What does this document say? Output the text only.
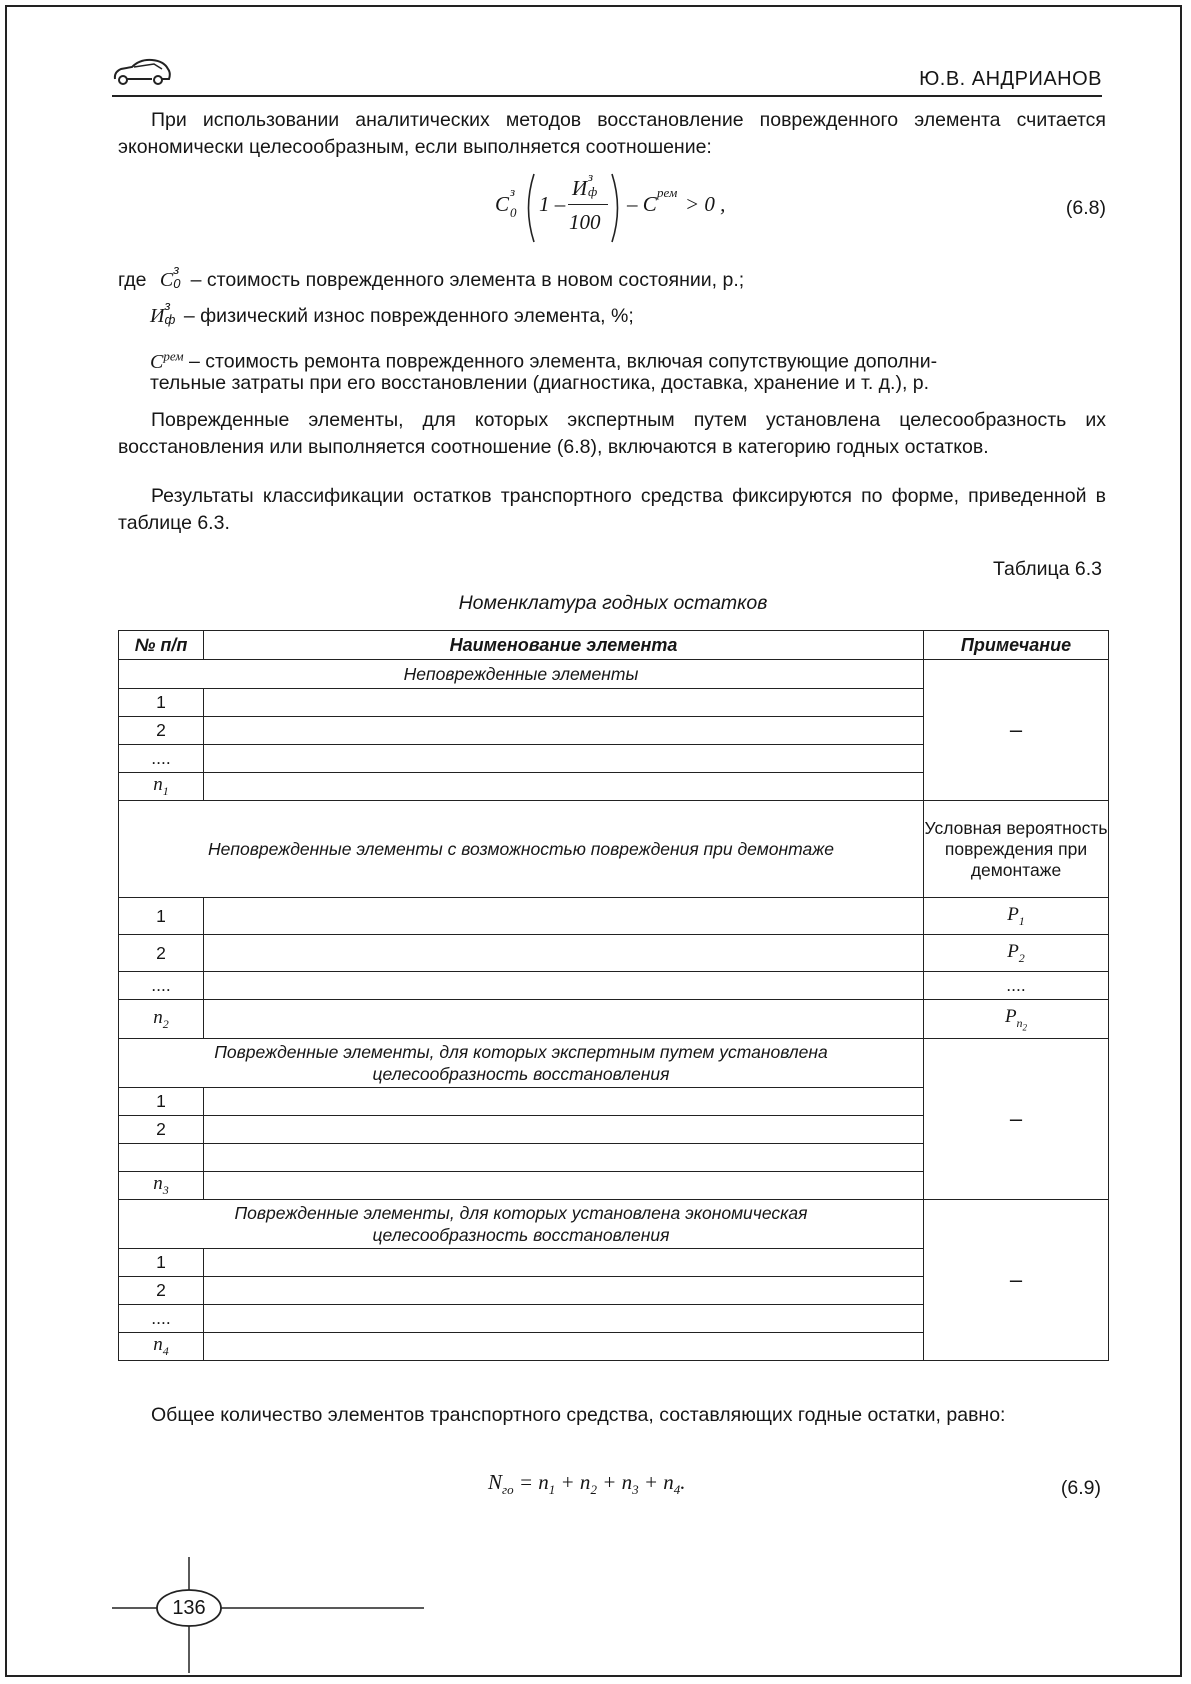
Ю.В. АНДРИАНОВ

При использовании аналитических методов восстановление поврежденного элемента считается экономически целесообразным, если выполняется соотношение:

C
з
0 1 –
И з
ф
100
– C рем > 0 ,	(6.8)
где C з
0 – стоимость поврежденного элемента в новом состоянии, р.;
И з
ф – физический износ поврежденного элемента, %;
$C^{рем}$ – стоимость ремонта поврежденного элемента, включая сопутствующие дополни-
тельные затраты при его восстановлении (диагностика, доставка, хранение и т. д.), р.

Поврежденные элементы, для которых экспертным путем установлена целесообразность их восстановления или выполняется соотношение (6.8), включаются в категорию годных остатков.

Результаты классификации остатков транспортного средства фиксируются по форме, приведенной в таблице 6.3.

Таблица 6.3
Номенклатура годных остатков
№ п/п	Наименование элемента	Примечание
Неповрежденные элементы		–
1		
2		
....		
$n_1$	
Неповрежденные элементы с возможностью повреждения при демонтаже		Условная вероятность повреждения при демонтаже
1		$P_1$
2		$P_2$
....		....
$n_2$		$P_{n_2}$
Поврежденные элементы, для которых экспертным путем установлена целесообразность восстановления		–
1		
2		

$n_3$	
Поврежденные элементы, для которых установлена экономическая целесообразность восстановления		–
1		
2		
....		
$n_4$	

Общее количество элементов транспортного средства, составляющих годные остатки, равно:

$N_{го} = n_1 + n_2 + n_3 + n_4$.	(6.9)
136
